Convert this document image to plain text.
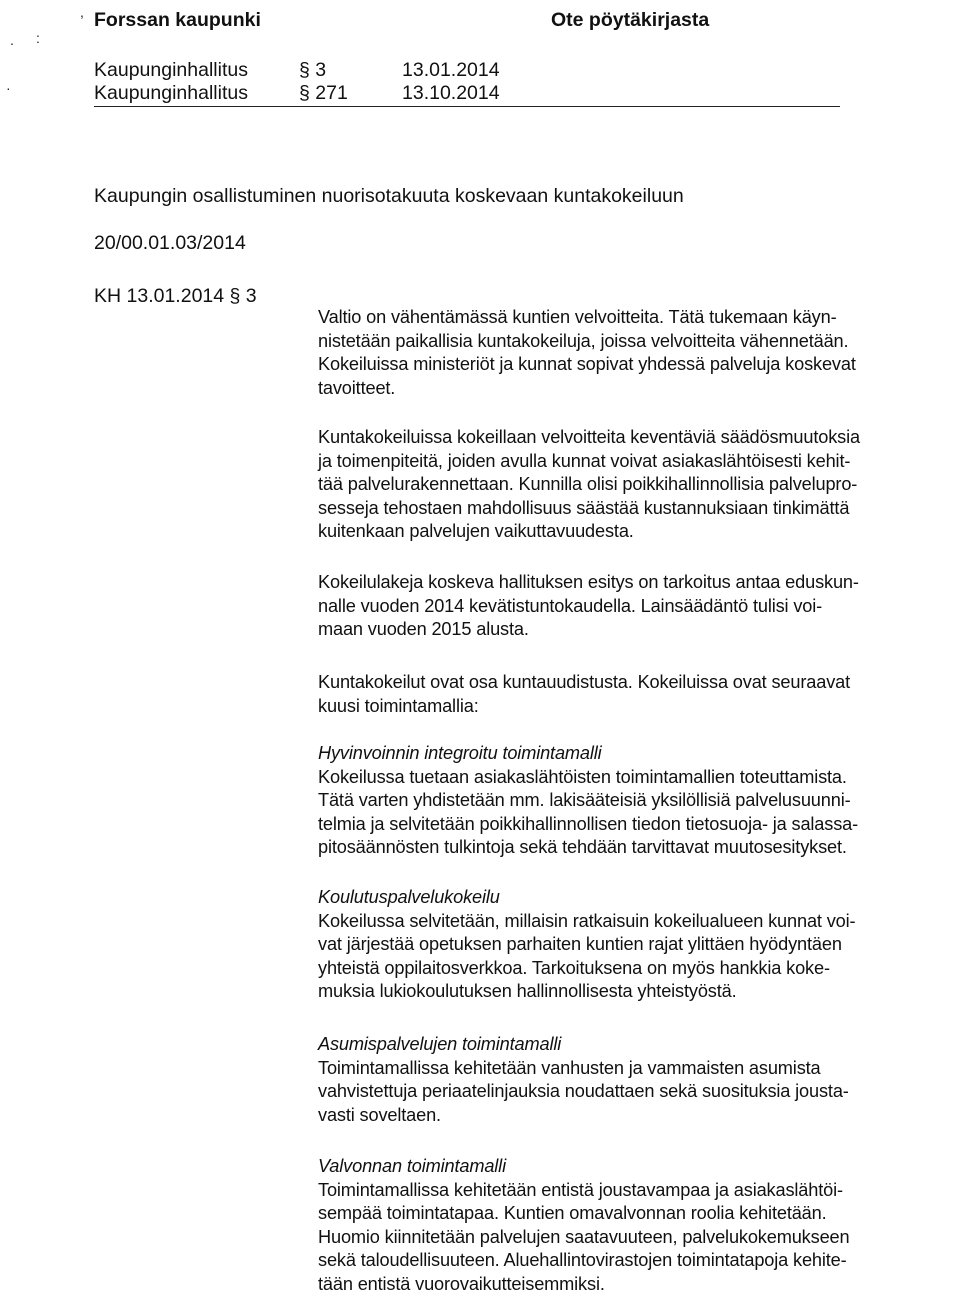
,
. :
·
Forssan kaupunki	Ote pöytäkirjasta
Kaupunginhallitus	§ 3	13.01.2014
Kaupunginhallitus	§ 271	13.10.2014
Kaupungin osallistuminen nuorisotakuuta koskevaan kuntakokeiluun
20/00.01.03/2014
KH 13.01.2014 § 3

Valtio on vähentämässä kuntien velvoitteita. Tätä tukemaan käyn-

nistetään paikallisia kuntakokeiluja, joissa velvoitteita vähennetään.

Kokeiluissa ministeriöt ja kunnat sopivat yhdessä palveluja koskevat

tavoitteet.

Kuntakokeiluissa kokeillaan velvoitteita keventäviä säädösmuutoksia

ja toimenpiteitä, joiden avulla kunnat voivat asiakaslähtöisesti kehit-

tää palvelurakennettaan. Kunnilla olisi poikkihallinnollisia palvelupro-

sesseja tehostaen mahdollisuus säästää kustannuksiaan tinkimättä

kuitenkaan palvelujen vaikuttavuudesta.

Kokeilulakeja koskeva hallituksen esitys on tarkoitus antaa eduskun-

nalle vuoden 2014 kevätistuntokaudella. Lainsäädäntö tulisi voi-

maan vuoden 2015 alusta.

Kuntakokeilut ovat osa kuntauudistusta. Kokeiluissa ovat seuraavat

kuusi toimintamallia:

Hyvinvoinnin integroitu toimintamalli

Kokeilussa tuetaan asiakaslähtöisten toimintamallien toteuttamista.

Tätä varten yhdistetään mm. lakisääteisiä yksilöllisiä palvelusuunni-

telmia ja selvitetään poikkihallinnollisen tiedon tietosuoja- ja salassa-

pitosäännösten tulkintoja sekä tehdään tarvittavat muutosesitykset.

Koulutuspalvelukokeilu

Kokeilussa selvitetään, millaisin ratkaisuin kokeilualueen kunnat voi-

vat järjestää opetuksen parhaiten kuntien rajat ylittäen hyödyntäen

yhteistä oppilaitosverkkoa. Tarkoituksena on myös hankkia koke-

muksia lukiokoulutuksen hallinnollisesta yhteistyöstä.

Asumispalvelujen toimintamalli

Toimintamallissa kehitetään vanhusten ja vammaisten asumista

vahvistettuja periaatelinjauksia noudattaen sekä suosituksia jousta-

vasti soveltaen.

Valvonnan toimintamalli

Toimintamallissa kehitetään entistä joustavampaa ja asiakaslähtöi-

sempää toimintatapaa. Kuntien omavalvonnan roolia kehitetään.

Huomio kiinnitetään palvelujen saatavuuteen, palvelukokemukseen

sekä taloudellisuuteen. Aluehallintovirastojen toimintatapoja kehite-

tään entistä vuorovaikutteisemmiksi.
